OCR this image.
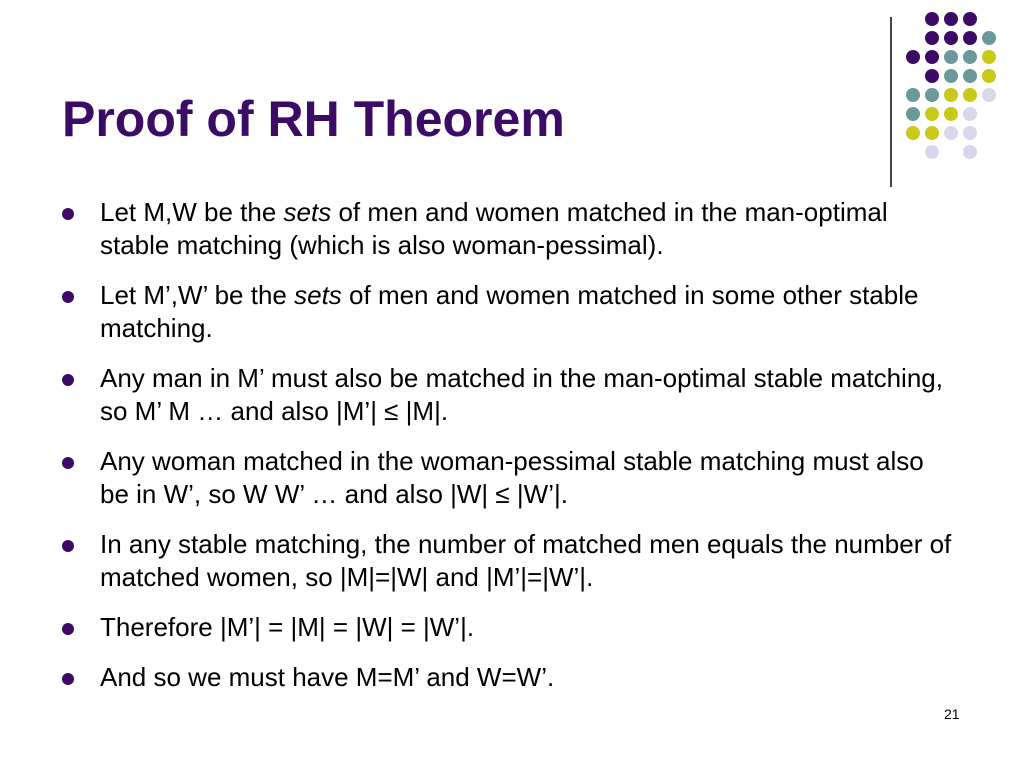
Proof of RH Theorem
Let M,W be the sets of men and women matched in the man-optimal stable matching (which is also woman-pessimal).
Let M’,W’ be the sets of men and women matched in some other stable matching.
Any man in M’ must also be matched in the man-optimal stable matching, so M’ M … and also |M’| ≤ |M|.
Any woman matched in the woman-pessimal stable matching must also be in W’, so W W’ … and also |W| ≤ |W’|.
In any stable matching, the number of matched men equals the number of matched women, so |M|=|W| and |M’|=|W’|.
Therefore |M’| = |M| = |W| = |W’|.
And so we must have M=M’ and W=W’.
21
